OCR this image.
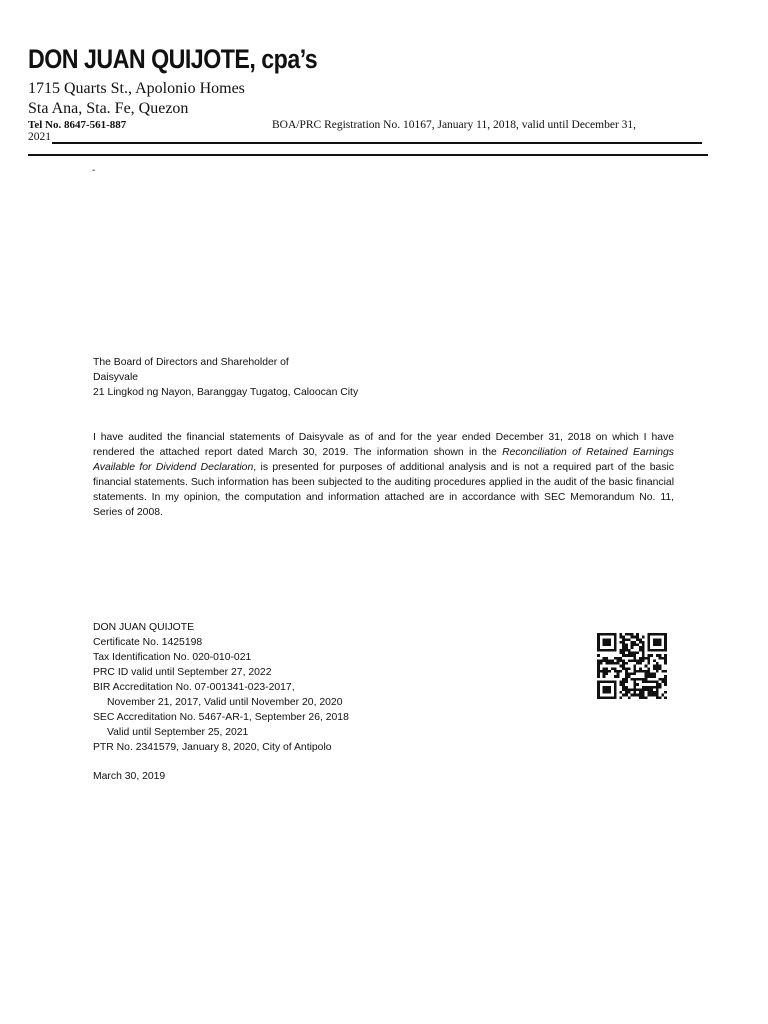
DON JUAN QUIJOTE, cpa’s
1715 Quarts St., Apolonio Homes
Sta Ana, Sta. Fe, Quezon
Tel No. 8647-561-887	BOA/PRC Registration No. 10167, January 11, 2018, valid until December 31,
2021
-
The Board of Directors and Shareholder of
Daisyvale
21 Lingkod ng Nayon, Baranggay Tugatog, Caloocan City

I have audited the financial statements of Daisyvale as of and for the year ended December 31, 2018 on which I have rendered the attached report dated March 30, 2019. The information shown in the Reconciliation of Retained Earnings Available for Dividend Declaration, is presented for purposes of additional analysis and is not a required part of the basic financial statements. Such information has been subjected to the auditing procedures applied in the audit of the basic financial statements. In my opinion, the computation and information attached are in accordance with SEC Memorandum No. 11, Series of 2008.

DON JUAN QUIJOTE
Certificate No. 1425198
Tax Identification No. 020-010-021
PRC ID valid until September 27, 2022
BIR Accreditation No. 07-001341-023-2017,
November 21, 2017, Valid until November 20, 2020
SEC Accreditation No. 5467-AR-1, September 26, 2018
Valid until September 25, 2021
PTR No. 2341579, January 8, 2020, City of Antipolo
March 30, 2019
